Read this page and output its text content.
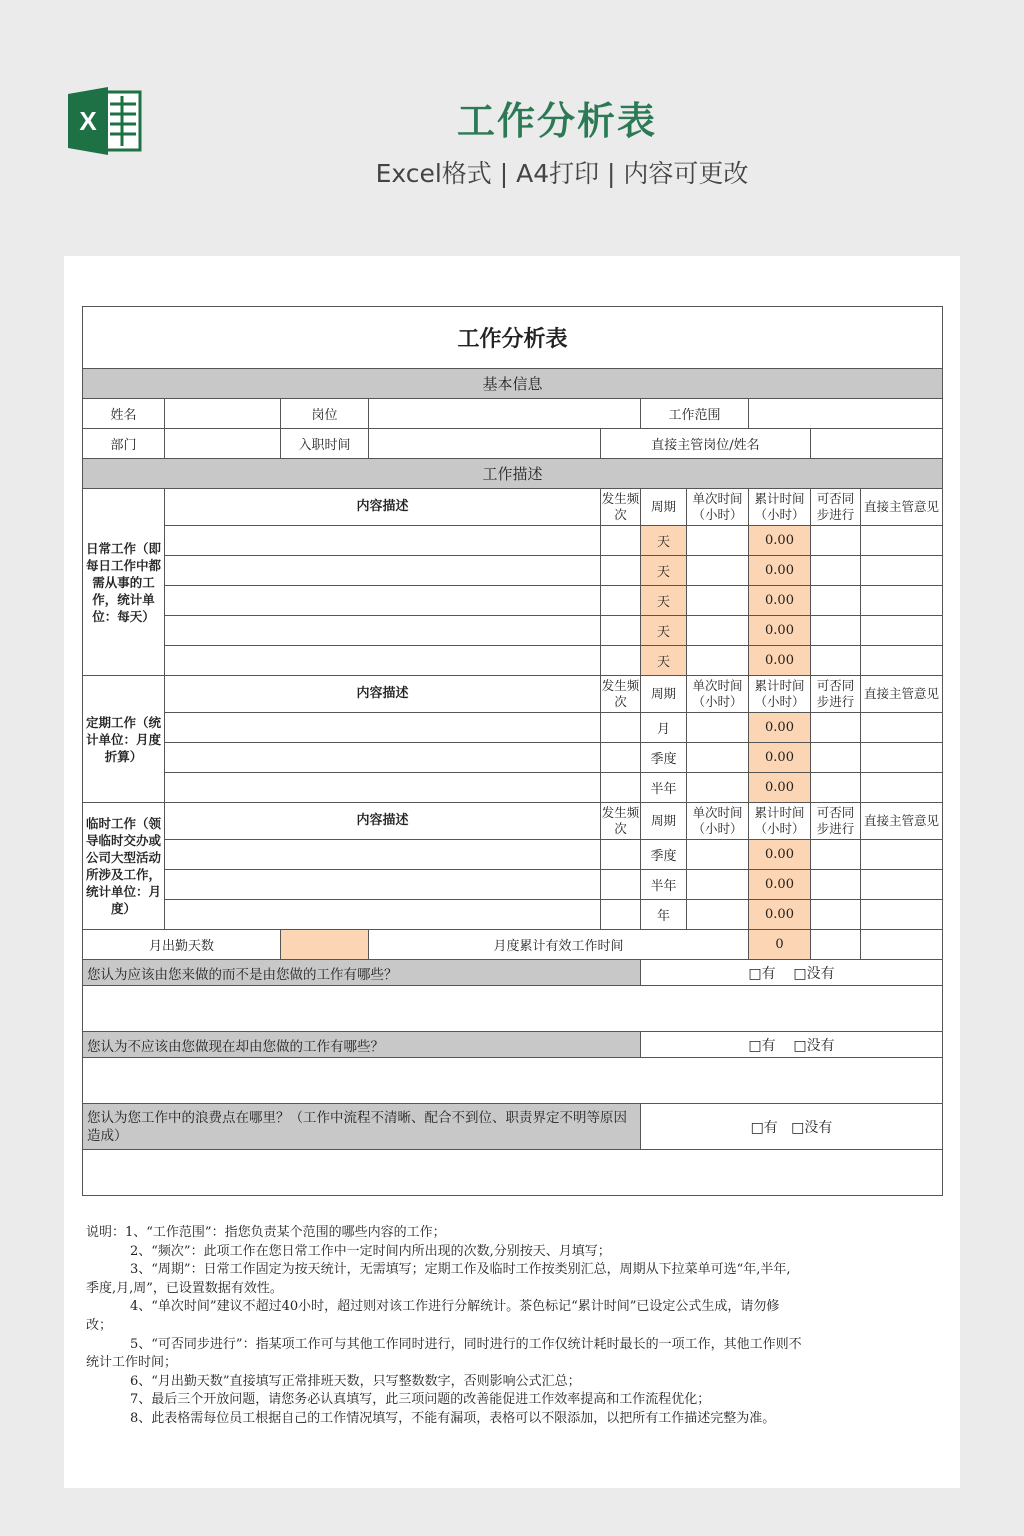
X	工作分析表
Excel格式 | A4打印 | 内容可更改
工作分析表									
基本信息									
姓名		岗位			工作范围				
部门		入职时间		直接主管岗位/姓名					
工作描述									
日常工作（即每日工作中都需从事的工作，统计单位：每天）	内容描述			发生频次	周期	单次时间（小时）	累计时间（小时）	可否同步进行	直接主管意见
					天		0.00		
					天		0.00		
					天		0.00		
					天		0.00		
					天		0.00		
定期工作（统计单位：月度折算）	内容描述			发生频次	周期	单次时间（小时）	累计时间（小时）	可否同步进行	直接主管意见
					月		0.00		
					季度		0.00		
					半年		0.00		
临时工作（领导临时交办或公司大型活动所涉及工作，统计单位：月度）	内容描述			发生频次	周期	单次时间（小时）	累计时间（小时）	可否同步进行	直接主管意见
					季度		0.00		
					半年		0.00		
					年		0.00		
月出勤天数			月度累计有效工作时间				0		
您认为应该由您来做的而不是由您做的工作有哪些？					□有 □没有				

您认为不应该由您做现在却由您做的工作有哪些？					□有 □没有				

您认为您工作中的浪费点在哪里？（工作中流程不清晰、配合不到位、职责界定不明等原因造成）					□有 □没有				

说明：1、“工作范围”：指您负责某个范围的哪些内容的工作；

2、“频次”：此项工作在您日常工作中一定时间内所出现的次数,分别按天、月填写；

3、“周期”：日常工作固定为按天统计，无需填写；定期工作及临时工作按类别汇总，周期从下拉菜单可选“年,半年,

季度,月,周”，已设置数据有效性。

4、“单次时间”建议不超过40小时，超过则对该工作进行分解统计。茶色标记“累计时间”已设定公式生成，请勿修

改；

5、“可否同步进行”：指某项工作可与其他工作同时进行，同时进行的工作仅统计耗时最长的一项工作，其他工作则不

统计工作时间；

6、“月出勤天数”直接填写正常排班天数，只写整数数字，否则影响公式汇总；

7、最后三个开放问题，请您务必认真填写，此三项问题的改善能促进工作效率提高和工作流程优化；

8、此表格需每位员工根据自己的工作情况填写，不能有漏项，表格可以不限添加，以把所有工作描述完整为准。
